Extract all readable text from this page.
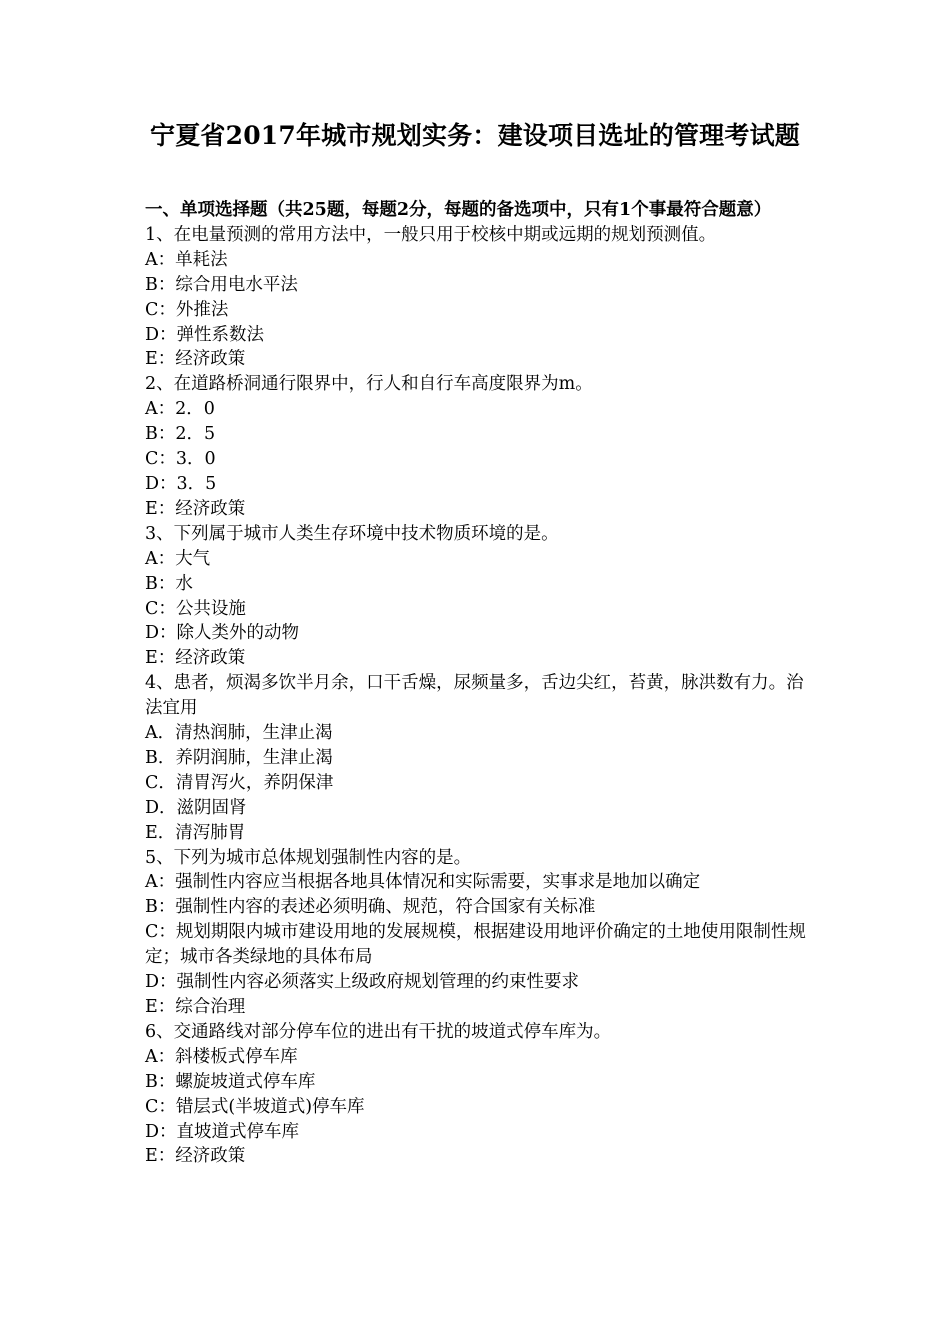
宁夏省2017年城市规划实务：建设项目选址的管理考试题

一、单项选择题（共25题，每题2分，每题的备选项中，只有1个事最符合题意）

1、在电量预测的常用方法中，一般只用于校核中期或远期的规划预测值。

A：单耗法

B：综合用电水平法

C：外推法

D：弹性系数法

E：经济政策

2、在道路桥洞通行限界中，行人和自行车高度限界为m。

A：2．0

B：2．5

C：3．0

D：3．5

E：经济政策

3、下列属于城市人类生存环境中技术物质环境的是。

A：大气

B：水

C：公共设施

D：除人类外的动物

E：经济政策

4、患者，烦渴多饮半月余，口干舌燥，尿频量多，舌边尖红，苔黄，脉洪数有力。治法宜用

A．清热润肺，生津止渴

B．养阴润肺，生津止渴

C．清胃泻火，养阴保津

D．滋阴固肾

E．清泻肺胃

5、下列为城市总体规划强制性内容的是。

A：强制性内容应当根据各地具体情况和实际需要，实事求是地加以确定

B：强制性内容的表述必须明确、规范，符合国家有关标准

C：规划期限内城市建设用地的发展规模，根据建设用地评价确定的土地使用限制性规定；城市各类绿地的具体布局

D：强制性内容必须落实上级政府规划管理的约束性要求

E：综合治理

6、交通路线对部分停车位的进出有干扰的坡道式停车库为。

A：斜楼板式停车库

B：螺旋坡道式停车库

C：错层式(半坡道式)停车库

D：直坡道式停车库

E：经济政策
